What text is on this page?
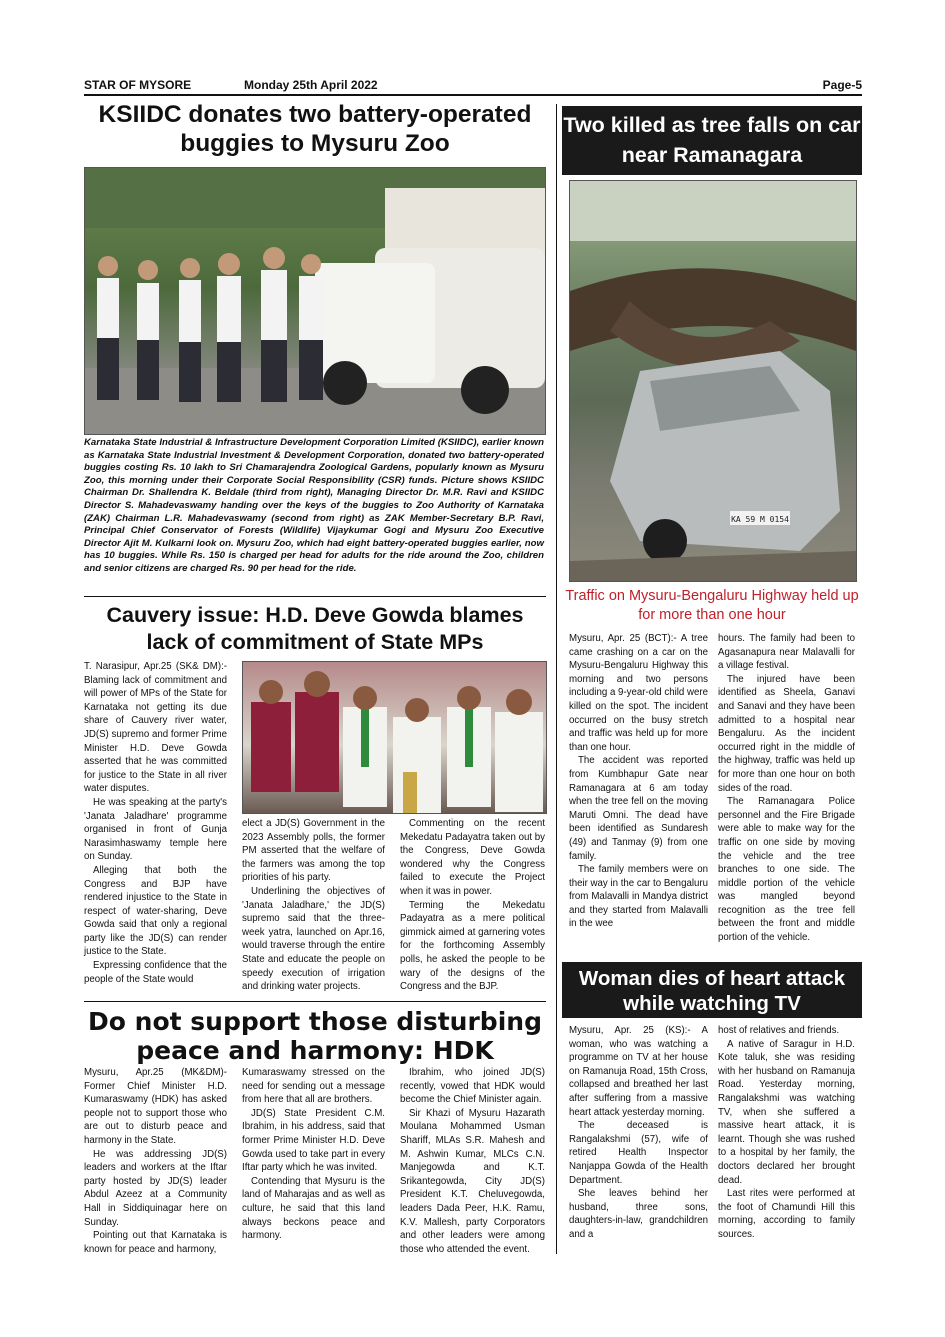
STAR OF MYSORE	Monday 25th April 2022	Page-5
KSIIDC donates two battery-operated buggies to Mysuru Zoo
Karnataka State Industrial & Infrastructure Development Corporation Limited (KSIIDC), earlier known as Karnataka State Industrial Investment & Development Corporation, donated two battery-operated buggies costing Rs. 10 lakh to Sri Chamarajendra Zoological Gardens, popularly known as Mysuru Zoo, this morning under their Corporate Social Responsibility (CSR) funds. Picture shows KSIIDC Chairman Dr. Shallendra K. Beldale (third from right), Managing Director Dr. M.R. Ravi and KSIIDC Director S. Mahadevaswamy handing over the keys of the buggies to Zoo Authority of Karnataka (ZAK) Chairman L.R. Mahadevaswamy (second from right) as ZAK Member-Secretary B.P. Ravi, Principal Chief Conservator of Forests (Wildlife) Vijaykumar Gogi and Mysuru Zoo Executive Director Ajit M. Kulkarni look on. Mysuru Zoo, which had eight battery-operated buggies earlier, now has 10 buggies. While Rs. 150 is charged per head for adults for the ride around the Zoo, children and senior citizens are charged Rs. 90 per head for the ride.
Cauvery issue: H.D. Deve Gowda blames lack of commitment of State MPs

T. Narasipur, Apr.25 (SK& DM):- Blaming lack of commitment and will power of MPs of the State for Karnataka not getting its due share of Cauvery river water, JD(S) supremo and former Prime Minister H.D. Deve Gowda asserted that he was committed for justice to the State in all river water disputes.

He was speaking at the party's 'Janata Jaladhare' programme organised in front of Gunja Narasimhaswamy temple here on Sunday.

Alleging that both the Congress and BJP have rendered injustice to the State in respect of water-sharing, Deve Gowda said that only a regional party like the JD(S) can render justice to the State.

Expressing confidence that the people of the State would

elect a JD(S) Government in the 2023 Assembly polls, the former PM asserted that the welfare of the farmers was among the top priorities of his party.

Underlining the objectives of 'Janata Jaladhare,' the JD(S) supremo said that the three-week yatra, launched on Apr.16, would traverse through the entire State and educate the people on speedy execution of irrigation and drinking water projects.

Commenting on the recent Mekedatu Padayatra taken out by the Congress, Deve Gowda wondered why the Congress failed to execute the Project when it was in power.

Terming the Mekedatu Padayatra as a mere political gimmick aimed at garnering votes for the forthcoming Assembly polls, he asked the people to be wary of the designs of the Congress and the BJP.

Do not support those disturbing peace and harmony: HDK

Mysuru, Apr.25 (MK&DM)- Former Chief Minister H.D. Kumaraswamy (HDK) has asked people not to support those who are out to disturb peace and harmony in the State.

He was addressing JD(S) leaders and workers at the Iftar party hosted by JD(S) leader Abdul Azeez at a Community Hall in Siddiquinagar here on Sunday.

Pointing out that Karnataka is known for peace and harmony,

Kumaraswamy stressed on the need for sending out a message from here that all are brothers.

JD(S) State President C.M. Ibrahim, in his address, said that former Prime Minister H.D. Deve Gowda used to take part in every Iftar party which he was invited.

Contending that Mysuru is the land of Maharajas and as well as culture, he said that this land always beckons peace and harmony.

Ibrahim, who joined JD(S) recently, vowed that HDK would become the Chief Minister again.

Sir Khazi of Mysuru Hazarath Moulana Mohammed Usman Shariff, MLAs S.R. Mahesh and M. Ashwin Kumar, MLCs C.N. Manjegowda and K.T. Srikantegowda, City JD(S) President K.T. Cheluvegowda, leaders Dada Peer, H.K. Ramu, K.V. Mallesh, party Corporators and other leaders were among those who attended the event.

Two killed as tree falls on car near Ramanagara
KA 59 M 0154
Traffic on Mysuru-Bengaluru Highway held up for more than one hour

Mysuru, Apr. 25 (BCT):- A tree came crashing on a car on the Mysuru-Bengaluru Highway this morning and two persons including a 9-year-old child were killed on the spot. The incident occurred on the busy stretch and traffic was held up for more than one hour.

The accident was reported from Kumbhapur Gate near Ramanagara at 6 am today when the tree fell on the moving Maruti Omni. The dead have been identified as Sundaresh (49) and Tanmay (9) from one family.

The family members were on their way in the car to Bengaluru from Malavalli in Mandya district and they started from Malavalli in the wee

hours. The family had been to Agasanapura near Malavalli for a village festival.

The injured have been identified as Sheela, Ganavi and Sanavi and they have been admitted to a hospital near Bengaluru. As the incident occurred right in the middle of the highway, traffic was held up for more than one hour on both sides of the road.

The Ramanagara Police personnel and the Fire Brigade were able to make way for the traffic on one side by moving the vehicle and the tree branches to one side. The middle portion of the vehicle was mangled beyond recognition as the tree fell between the front and middle portion of the vehicle.

Woman dies of heart attack while watching TV

Mysuru, Apr. 25 (KS):- A woman, who was watching a programme on TV at her house on Ramanuja Road, 15th Cross, collapsed and breathed her last after suffering from a massive heart attack yesterday morning.

The deceased is Rangalakshmi (57), wife of retired Health Inspector Nanjappa Gowda of the Health Department.

She leaves behind her husband, three sons, daughters-in-law, grandchildren and a

host of relatives and friends.

A native of Saragur in H.D. Kote taluk, she was residing with her husband on Ramanuja Road. Yesterday morning, Rangalakshmi was watching TV, when she suffered a massive heart attack, it is learnt. Though she was rushed to a hospital by her family, the doctors declared her brought dead.

Last rites were performed at the foot of Chamundi Hill this morning, according to family sources.
